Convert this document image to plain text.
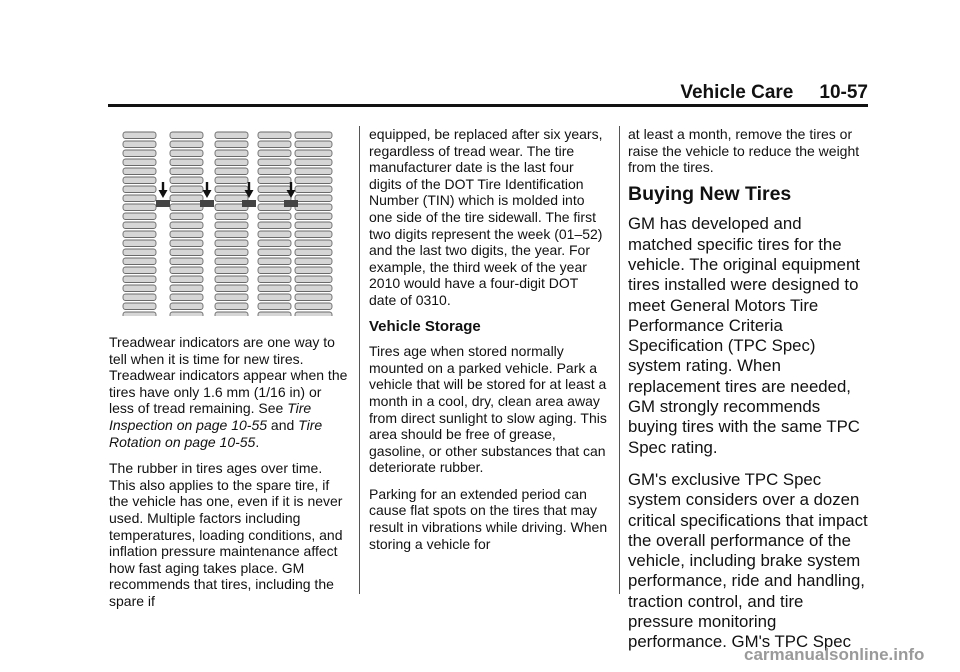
Vehicle Care 10-57

Treadwear indicators are one way to tell when it is time for new tires. Treadwear indicators appear when the tires have only 1.6 mm (1/16 in) or less of tread remaining. See Tire Inspection on page 10-55 and Tire Rotation on page 10-55.

The rubber in tires ages over time. This also applies to the spare tire, if the vehicle has one, even if it is never used. Multiple factors including temperatures, loading conditions, and inflation pressure maintenance affect how fast aging takes place. GM recommends that tires, including the spare if

equipped, be replaced after six years, regardless of tread wear. The tire manufacturer date is the last four digits of the DOT Tire Identification Number (TIN) which is molded into one side of the tire sidewall. The first two digits represent the week (01–52) and the last two digits, the year. For example, the third week of the year 2010 would have a four-digit DOT date of 0310.

Vehicle Storage

Tires age when stored normally mounted on a parked vehicle. Park a vehicle that will be stored for at least a month in a cool, dry, clean area away from direct sunlight to slow aging. This area should be free of grease, gasoline, or other substances that can deteriorate rubber.

Parking for an extended period can cause flat spots on the tires that may result in vibrations while driving. When storing a vehicle for

at least a month, remove the tires or raise the vehicle to reduce the weight from the tires.

Buying New Tires

GM has developed and matched specific tires for the vehicle. The original equipment tires installed were designed to meet General Motors Tire Performance Criteria Specification (TPC Spec) system rating. When replacement tires are needed, GM strongly recommends buying tires with the same TPC Spec rating.

GM's exclusive TPC Spec system considers over a dozen critical specifications that impact the overall performance of the vehicle, including brake system performance, ride and handling, traction control, and tire pressure monitoring performance. GM's TPC Spec

carmanualsonline.info
